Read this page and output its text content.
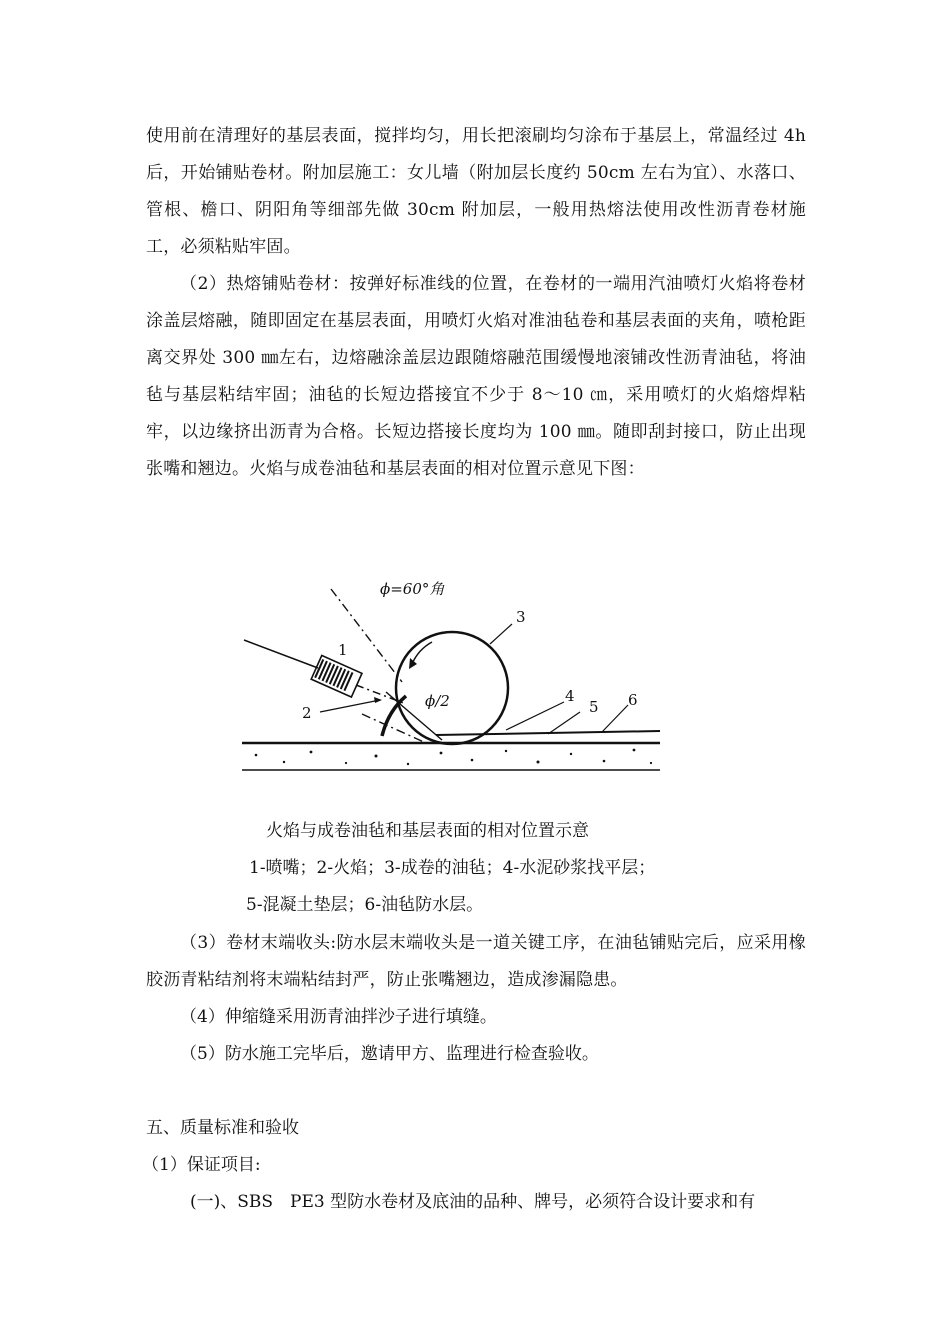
使用前在清理好的基层表面，搅拌均匀，用长把滚刷均匀涂布于基层上，常温经过 4h 后，开始铺贴卷材。附加层施工：女儿墙（附加层长度约 50cm 左右为宜）、水落口、管根、檐口、阴阳角等细部先做 30cm 附加层，一般用热熔法使用改性沥青卷材施工，必须粘贴牢固。
（2）热熔铺贴卷材：按弹好标准线的位置，在卷材的一端用汽油喷灯火焰将卷材涂盖层熔融，随即固定在基层表面，用喷灯火焰对准油毡卷和基层表面的夹角，喷枪距离交界处 300 ㎜左右，边熔融涂盖层边跟随熔融范围缓慢地滚铺改性沥青油毡，将油毡与基层粘结牢固；油毡的长短边搭接宜不少于 8～10 ㎝，采用喷灯的火焰熔焊粘牢，以边缘挤出沥青为合格。长短边搭接长度均为 100 ㎜。随即刮封接口，防止出现张嘴和翘边。火焰与成卷油毡和基层表面的相对位置示意见下图：
ϕ=60°角
ϕ/2
1
2
3
4
5 6
火焰与成卷油毡和基层表面的相对位置示意
1-喷嘴；2-火焰；3-成卷的油毡；4-水泥砂浆找平层；
5-混凝土垫层；6-油毡防水层。
（3）卷材末端收头:防水层末端收头是一道关键工序，在油毡铺贴完后，应采用橡胶沥青粘结剂将末端粘结封严，防止张嘴翘边，造成渗漏隐患。
（4）伸缩缝采用沥青油拌沙子进行填缝。
（5）防水施工完毕后，邀请甲方、监理进行检查验收。
五、质量标准和验收
（1）保证项目:
(一)、SBS　PE3 型防水卷材及底油的品种、牌号，必须符合设计要求和有
